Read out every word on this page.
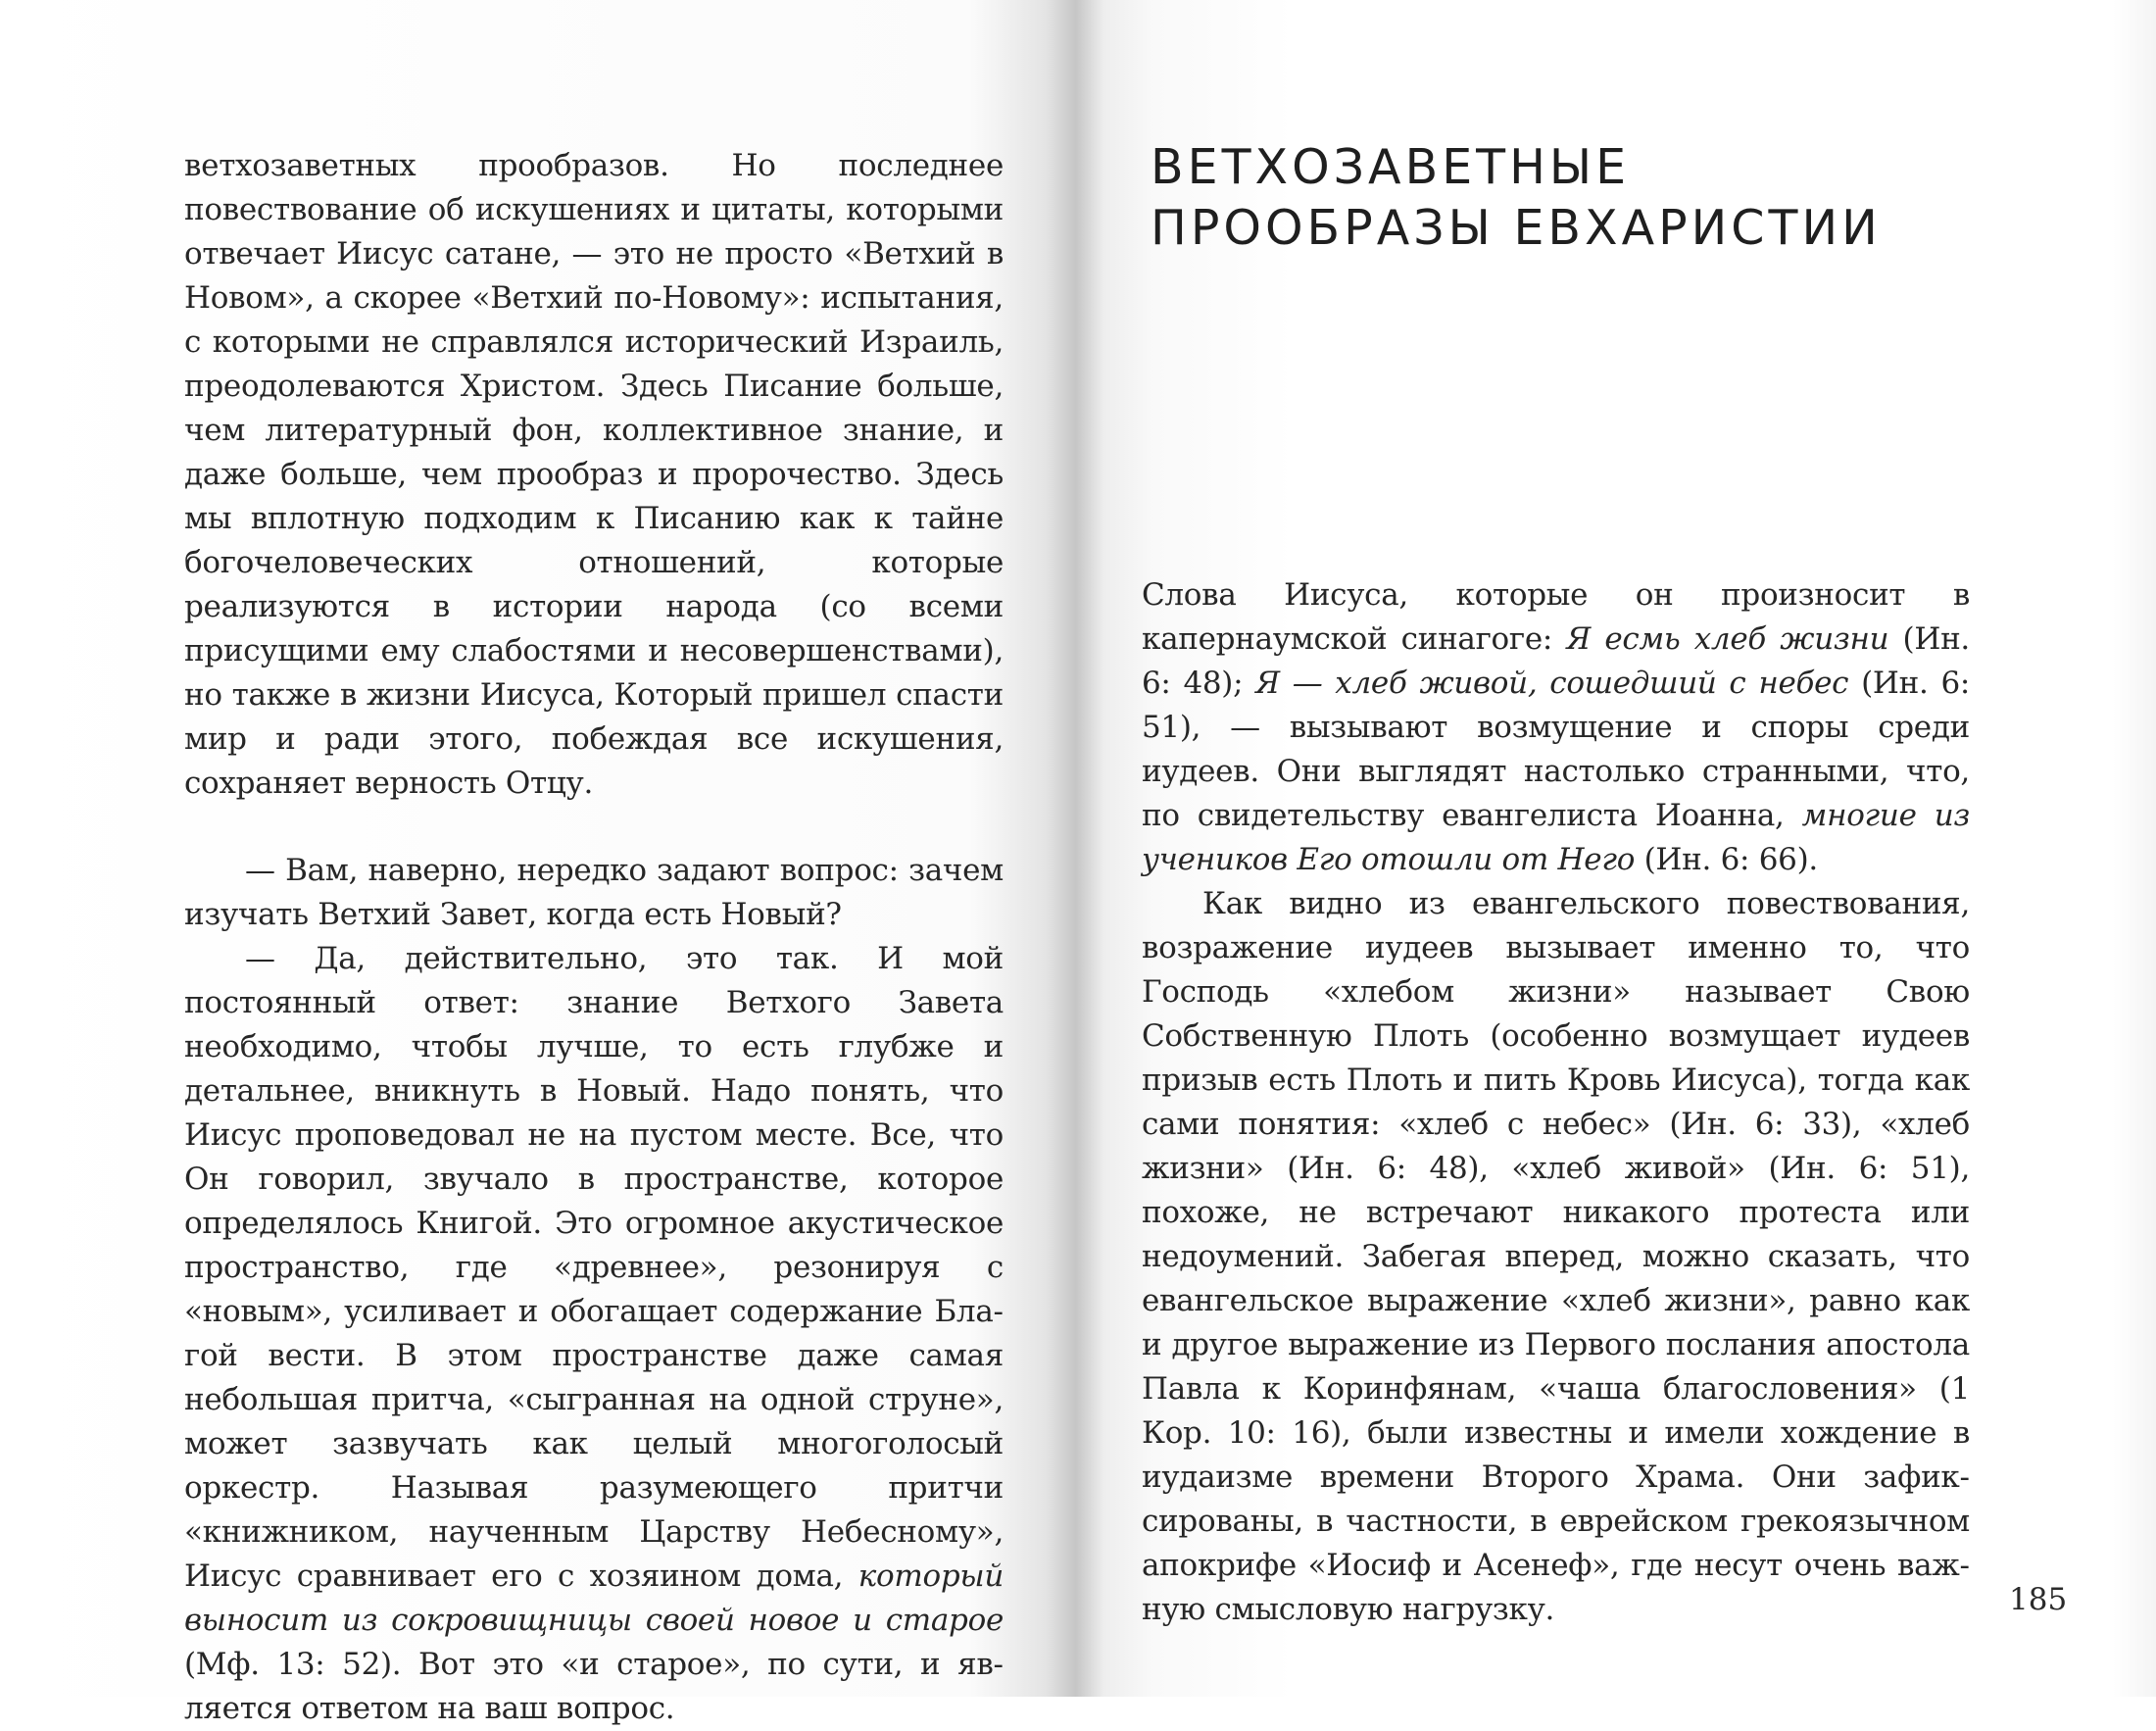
ветхозаветных прообразов. Но последнее повествование об искушениях и цитаты, которыми отвечает Иисус сатане, — это не просто «Ветхий в Новом», а скорее «Ветхий по-Новому»: испытания, с которыми не справлялся исторический Израиль, преодолеваются Христом. Здесь Писание больше, чем литературный фон, коллективное знание, и даже больше, чем прообраз и пророчество. Здесь мы вплотную подходим к Писанию как к тайне богочеловеческих отношений, которые реализуются в истории народа (со всеми присущими ему слабостями и несовершенствами), но также в жизни Иисуса, Который пришел спасти мир и ради этого, побеждая все искушения, сохраняет верность Отцу.

— Вам, наверно, нередко задают вопрос: зачем изучать Ветхий Завет, когда есть Новый?

— Да, действительно, это так. И мой постоянный ответ: знание Ветхого Завета необходимо, чтобы лучше, то есть глубже и детальнее, вникнуть в Новый. Надо понять, что Иисус проповедовал не на пустом месте. Все, что Он говорил, звучало в пространстве, которое определялось Книгой. Это огромное акустическое пространство, где «древнее», резонируя с «новым», усиливает и обогащает содержание Благой вести. В этом пространстве даже самая небольшая притча, «сыгранная на одной струне», может зазвучать как целый многоголосый оркестр. Называя разумеющего притчи «книжником, наученным Царству Небесному», Иисус сравнивает его с хозяином дома, который выносит из сокровищницы своей новое и старое (Мф. 13: 52). Вот это «и старое», по сути, и является ответом на ваш вопрос.

ВЕТХОЗАВЕТНЫЕ
ПРООБРАЗЫ ЕВХАРИСТИИ

Слова Иисуса, которые он произносит в капернаумской синагоге: Я есмь хлеб жизни (Ин. 6: 48); Я — хлеб живой, сошедший с небес (Ин. 6: 51), — вызывают возмущение и споры среди иудеев. Они выглядят настолько странными, что, по свидетельству евангелиста Иоанна, многие из учеников Его отошли от Него (Ин. 6: 66).

Как видно из евангельского повествования, возражение иудеев вызывает именно то, что Господь «хлебом жизни» называет Свою Собственную Плоть (особенно возмущает иудеев призыв есть Плоть и пить Кровь Иисуса), тогда как сами понятия: «хлеб с небес» (Ин. 6: 33), «хлеб жизни» (Ин. 6: 48), «хлеб живой» (Ин. 6: 51), похоже, не встречают никакого протеста или недоумений. Забегая вперед, можно сказать, что евангельское выражение «хлеб жизни», равно как и другое выражение из Первого послания апостола Павла к Коринфянам, «чаша благословения» (1 Кор. 10: 16), были известны и имели хождение в иудаизме времени Второго Храма. Они зафиксированы, в частности, в еврейском грекоязычном апокрифе «Иосиф и Асенеф», где несут очень важную смысловую нагрузку.	185
